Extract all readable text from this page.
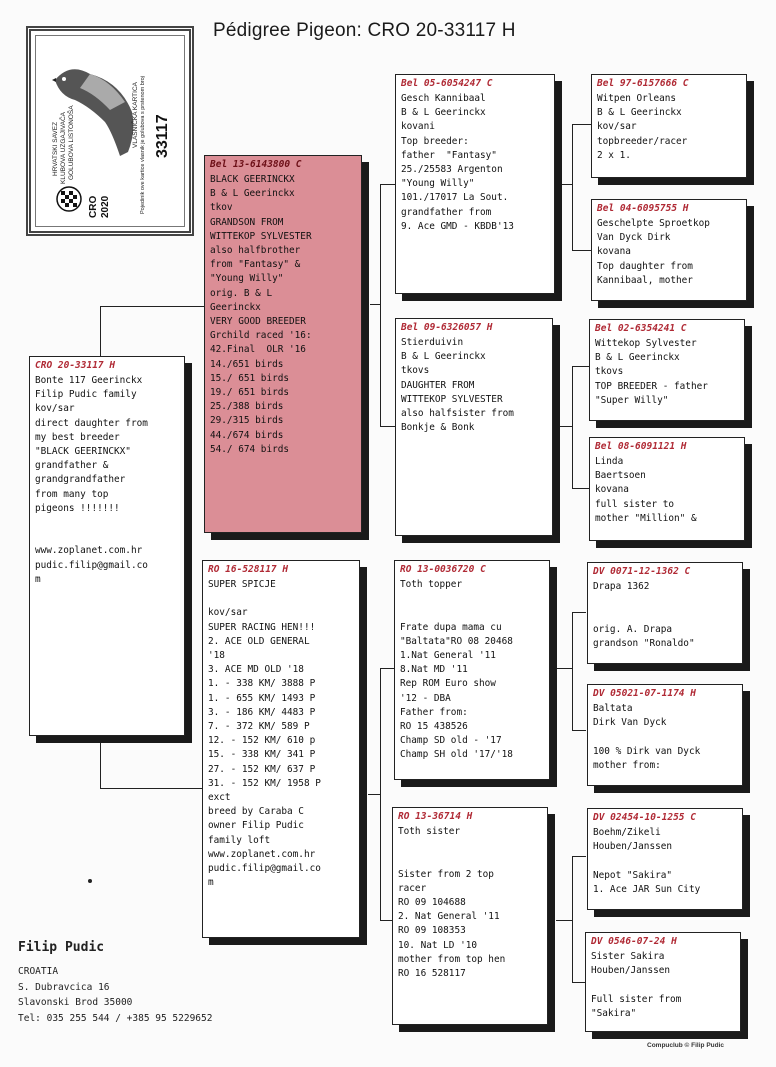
Pédigree Pigeon: CRO 20-33117 H
HRVATSKI SAVEZ KLUBOVA UZGAJIVAČA GOLUBOVA LISTONOŠA	VLASNIČKA KARTICA Pojedinik ove kartice vlasnik je golubova s prstenom broj
CRO 2020
33117
CRO 20-33117 H
Bonte 117 Geerinckx
Filip Pudic family
kov/sar
direct daughter from
my best breeder
"BLACK GEERINCKX"
grandfather &
grandgrandfather
from many top
pigeons !!!!!!!

www.zoplanet.com.hr
pudic.filip@gmail.co
m
Bel 13-6143800 C
BLACK GEERINCKX
B & L Geerinckx
tkov
GRANDSON FROM
WITTEKOP SYLVESTER
also halfbrother
from "Fantasy" &
"Young Willy"
orig. B & L
Geerinckx
VERY GOOD BREEDER
Grchild raced '16:
42.Final  OLR '16
14./651 birds
15./ 651 birds
19./ 651 birds
25./388 birds
29./315 birds
44./674 birds
54./ 674 birds
RO 16-528117 H
SUPER SPICJE

kov/sar
SUPER RACING HEN!!!
2. ACE OLD GENERAL
'18
3. ACE MD OLD '18
1. - 338 KM/ 3888 P
1. - 655 KM/ 1493 P
3. - 186 KM/ 4483 P
7. - 372 KM/ 589 P
12. - 152 KM/ 610 p
15. - 338 KM/ 341 P
27. - 152 KM/ 637 P
31. - 152 KM/ 1958 P
exct
breed by Caraba C
owner Filip Pudic
family loft
www.zoplanet.com.hr
pudic.filip@gmail.co
m
Bel 05-6054247 C
Gesch Kannibaal
B & L Geerinckx
kovani
Top breeder:
father  "Fantasy"
25./25583 Argenton
"Young Willy"
101./17017 La Sout.
grandfather from
9. Ace GMD - KBDB'13
Bel 09-6326057 H
Stierduivin
B & L Geerinckx
tkovs
DAUGHTER FROM
WITTEKOP SYLVESTER
also halfsister from
Bonkje & Bonk
RO 13-0036720 C
Toth topper

Frate dupa mama cu
"Baltata"RO 08 20468
1.Nat General '11
8.Nat MD '11
Rep ROM Euro show
'12 - DBA
Father from:
RO 15 438526
Champ SD old - '17
Champ SH old '17/'18
RO 13-36714 H
Toth sister

Sister from 2 top
racer
RO 09 104688
2. Nat General '11
RO 09 108353
10. Nat LD '10
mother from top hen
RO 16 528117
Bel 97-6157666 C
Witpen Orleans
B & L Geerinckx
kov/sar
topbreeder/racer
2 x 1.
Bel 04-6095755 H
Geschelpte Sproetkop
Van Dyck Dirk
kovana
Top daughter from
Kannibaal, mother
Bel 02-6354241 C
Wittekop Sylvester
B & L Geerinckx
tkovs
TOP BREEDER - father
"Super Willy"
Bel 08-6091121 H
Linda
Baertsoen
kovana
full sister to
mother "Million" &
DV 0071-12-1362 C
Drapa 1362

orig. A. Drapa
grandson "Ronaldo"
DV 05021-07-1174 H
Baltata
Dirk Van Dyck

100 % Dirk van Dyck
mother from:
DV 02454-10-1255 C
Boehm/Zikeli
Houben/Janssen

Nepot "Sakira"
1. Ace JAR Sun City
DV 0546-07-24 H
Sister Sakira
Houben/Janssen

Full sister from
"Sakira"
Filip Pudic
CROATIA
S. Dubravcica 16
Slavonski Brod 35000
Tel: 035 255 544 / +385 95 5229652
Compuclub © Filip Pudic
